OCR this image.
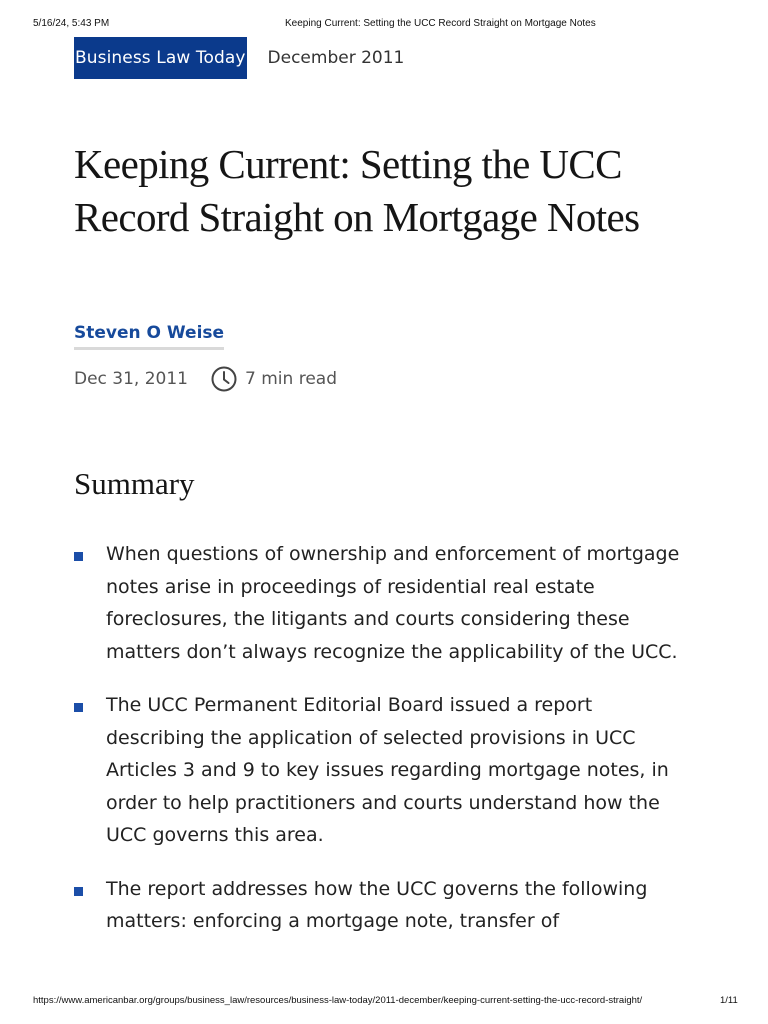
5/16/24, 5:43 PM	Keeping Current: Setting the UCC Record Straight on Mortgage Notes
Business Law Today December 2011
Keeping Current: Setting the UCC Record Straight on Mortgage Notes
Steven O Weise
Dec 31, 2011	7 min read
Summary
When questions of ownership and enforcement of mortgage notes arise in proceedings of residential real estate foreclosures, the litigants and courts considering these matters don’t always recognize the applicability of the UCC.
The UCC Permanent Editorial Board issued a report describing the application of selected provisions in UCC Articles 3 and 9 to key issues regarding mortgage notes, in order to help practitioners and courts understand how the UCC governs this area.
The report addresses how the UCC governs the following matters: enforcing a mortgage note, transfer of
https://www.americanbar.org/groups/business_law/resources/business-law-today/2011-december/keeping-current-setting-the-ucc-record-straight/	1/11
